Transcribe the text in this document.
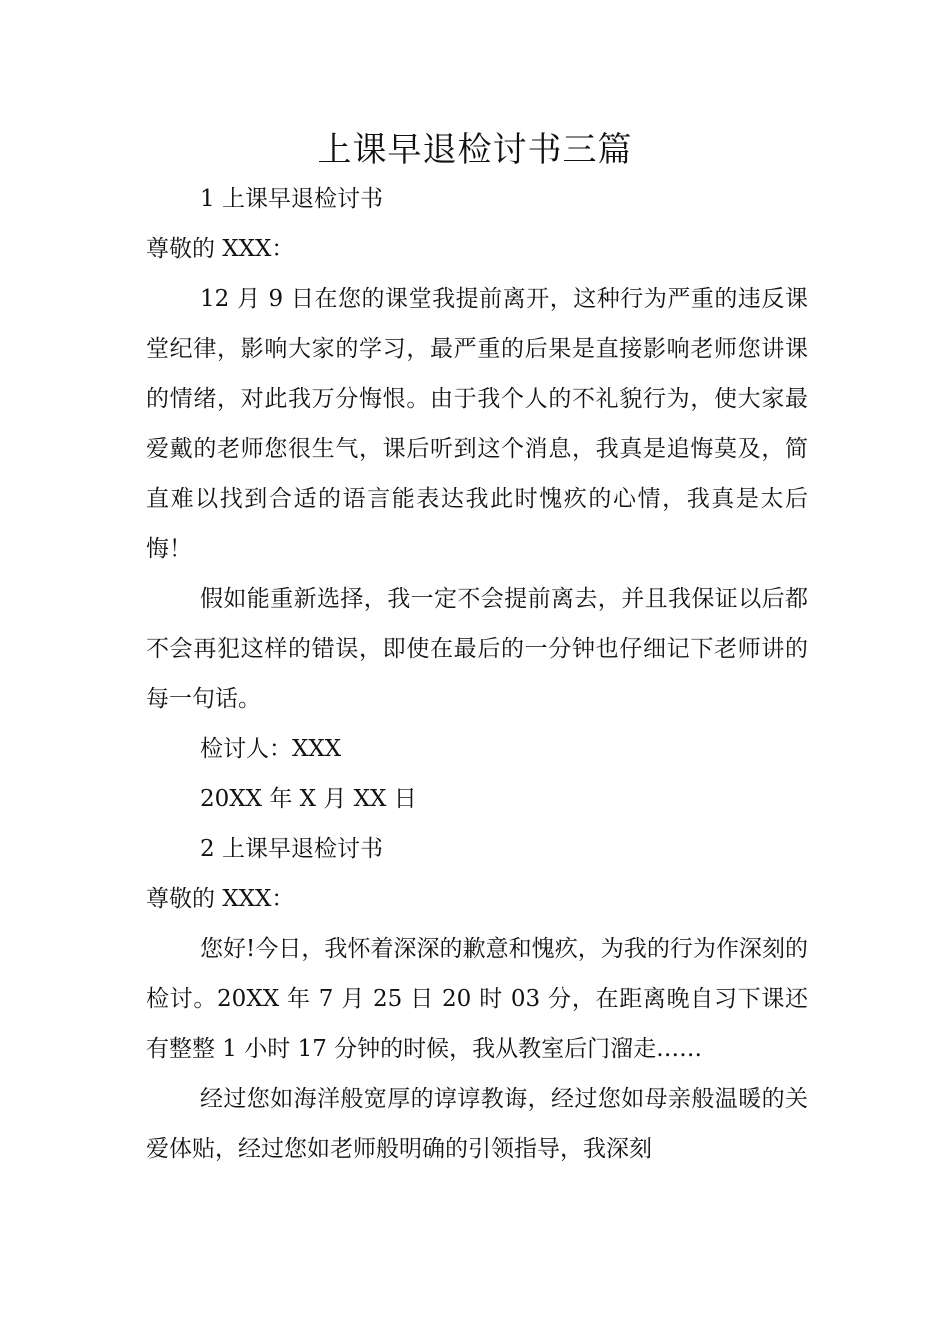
上课早退检讨书三篇

1 上课早退检讨书

尊敬的 XXX：

12 月 9 日在您的课堂我提前离开，这种行为严重的违反课堂纪律，影响大家的学习，最严重的后果是直接影响老师您讲课的情绪，对此我万分悔恨。由于我个人的不礼貌行为，使大家最爱戴的老师您很生气，课后听到这个消息，我真是追悔莫及，简直难以找到合适的语言能表达我此时愧疚的心情，我真是太后悔！

假如能重新选择，我一定不会提前离去，并且我保证以后都不会再犯这样的错误，即使在最后的一分钟也仔细记下老师讲的每一句话。

检讨人：XXX

20XX 年 X 月 XX 日

2 上课早退检讨书

尊敬的 XXX：

您好!今日，我怀着深深的歉意和愧疚，为我的行为作深刻的检讨。20XX 年 7 月 25 日 20 时 03 分，在距离晚自习下课还有整整 1 小时 17 分钟的时候，我从教室后门溜走……

经过您如海洋般宽厚的谆谆教诲，经过您如母亲般温暖的关爱体贴，经过您如老师般明确的引领指导，我深刻
